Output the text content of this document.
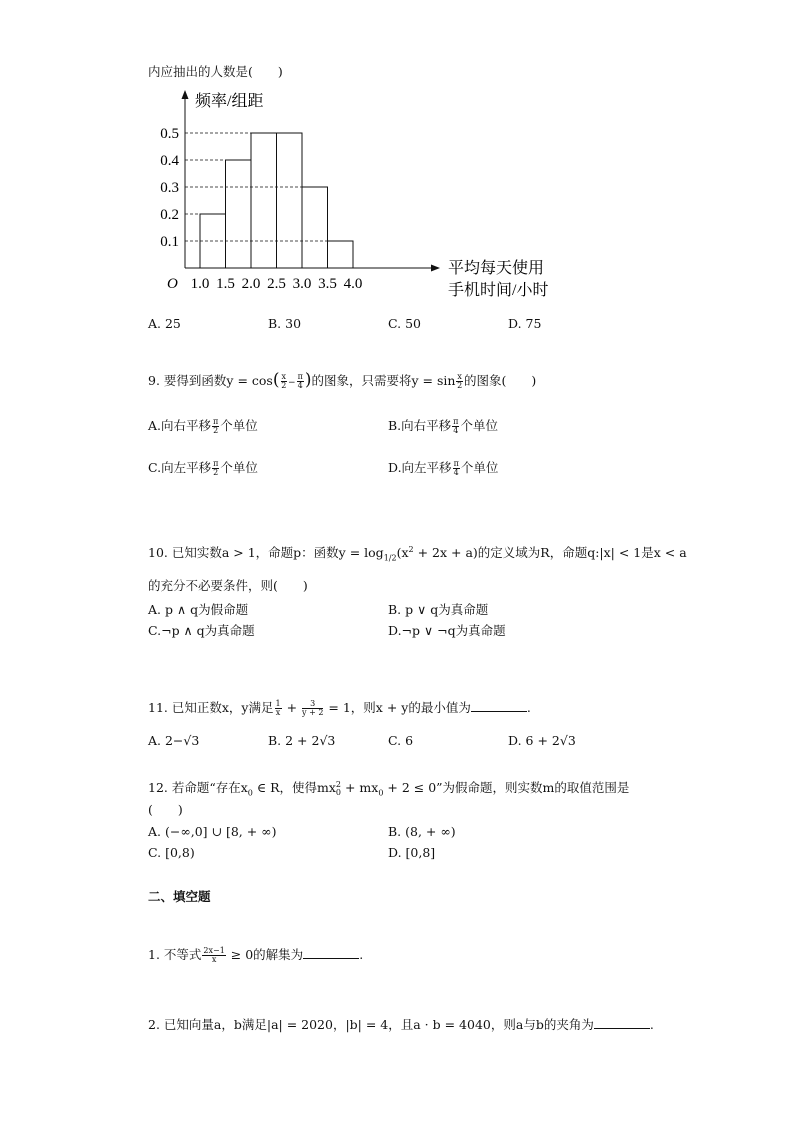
内应抽出的人数是(　　)
0.1
0.2
0.3
0.4
0.5
1.0 1.5 2.0 2.5 3.0 3.5 4.0
O
频率/组距
平均每天使用
手机时间/小时
A. 25	B. 30	C. 50	D. 75
9. 要得到函数$y = \cos( \frac{x}{2} - \frac{\pi}{4}$ )的图象，只需要将$y = \sin \frac{x}{2}$ 的图象(　　)
A.向右平移 $\frac{\pi}{2}$ 个单位	B.向右平移 $\frac{\pi}{4}$ 个单位
C.向左平移 $\frac{\pi}{2}$ 个单位	D.向左平移 $\frac{\pi}{4}$ 个单位
10. 已知实数a > 1，命题p：函数$y = \log_{1/2}(x^2 + 2x + a)$的定义域为R，命题q:|x| < 1是x < a
的充分不必要条件，则(　　)
A. p ∧ q为假命题	B. p ∨ q为真命题
C.¬p ∧ q为真命题	D.¬p ∨ ¬q为真命题
11. 已知正数x，y满足 $\frac{1}{x} + \frac{3}{y + 2} = 1$，则x + y的最小值为	.
A. 2−√3	B. 2 + 2√3	C. 6	D. 6 + 2√3
12. 若命题“存在$x_0$ ∈ R，使得mx 2
$0 + mx_0 + 2 \le 0$”为假命题，则实数m的取值范围是
(　　)
A. (−∞,0] ∪ [8, + ∞)	B. (8, + ∞)
C. [0,8)	D. [0,8]
二、填空题
1. 不等式 $\frac{2x-1}{x} \ge 0$的解集为	.
2. 已知向量a，b满足|a| = 2020，|b| = 4，且a · b = 4040，则a与b的夹角为	.
